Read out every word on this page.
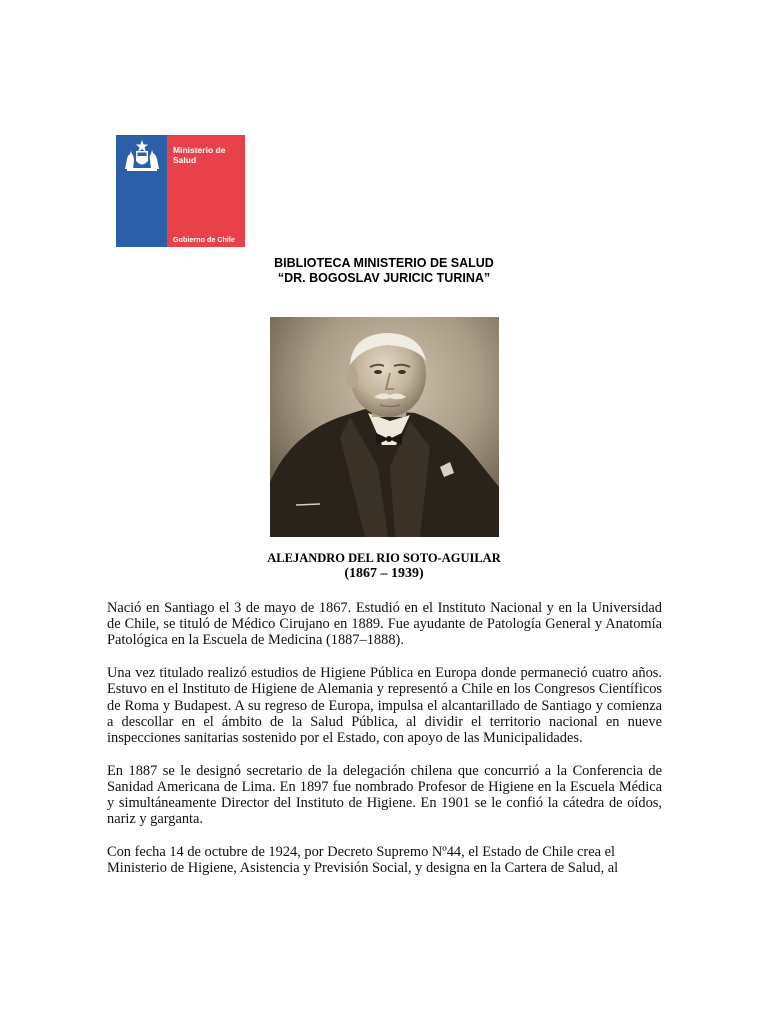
Ministerio de
Salud
Gobierno de Chile
BIBLIOTECA MINISTERIO DE SALUD
“DR. BOGOSLAV JURICIC TURINA”
ALEJANDRO DEL RIO SOTO-AGUILAR
(1867 – 1939)

Nació en Santiago el 3 de mayo de 1867. Estudió en el Instituto Nacional y en la Universidad de Chile, se tituló de Médico Cirujano en 1889. Fue ayudante de Patología General y Anatomía Patológica en la Escuela de Medicina (1887–1888).

Una vez titulado realizó estudios de Higiene Pública en Europa donde permaneció cuatro años. Estuvo en el Instituto de Higiene de Alemania y representó a Chile en los Congresos Científicos de Roma y Budapest. A su regreso de Europa, impulsa el alcantarillado de Santiago y comienza a descollar en el ámbito de la Salud Pública, al dividir el territorio nacional en nueve inspecciones sanitarias sostenido por el Estado, con apoyo de las Municipalidades.

En 1887 se le designó secretario de la delegación chilena que concurrió a la Conferencia de Sanidad Americana de Lima. En 1897 fue nombrado Profesor de Higiene en la Escuela Médica y simultáneamente Director del Instituto de Higiene. En 1901 se le confió la cátedra de oídos, nariz y garganta.

Con fecha 14 de octubre de 1924, por Decreto Supremo Nº44, el Estado de Chile crea el Ministerio de Higiene, Asistencia y Previsión Social, y designa en la Cartera de Salud, al
